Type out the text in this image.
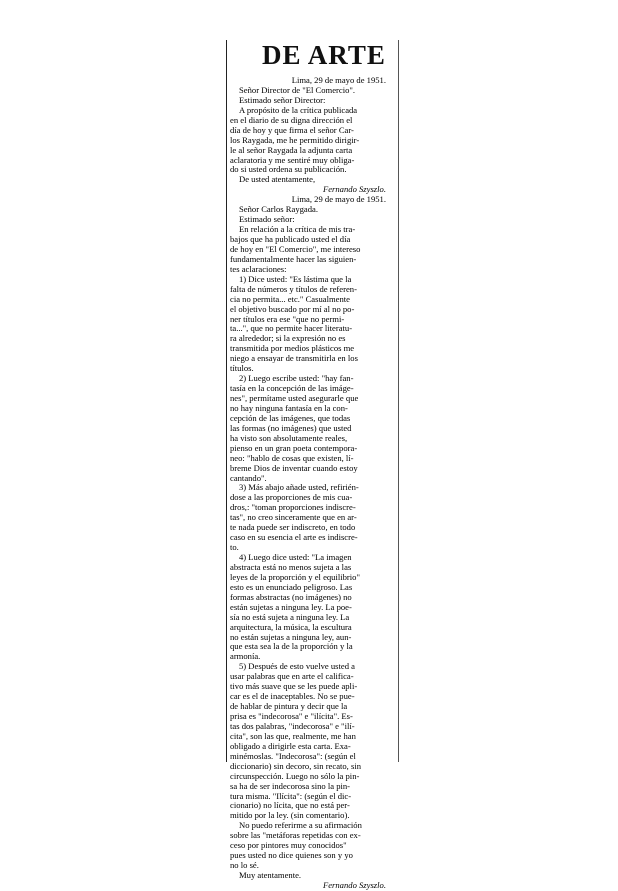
DE ARTE
Lima, 29 de mayo de 1951.
Señor Director de "El Comercio".
Estimado señor Director:
A propósito de la crítica publicada
en el diario de su digna dirección el
día de hoy y que firma el señor Car-
los Raygada, me he permitido dirigir-
le al señor Raygada la adjunta carta
aclaratoria y me sentiré muy obliga-
do si usted ordena su publicación.
De usted atentamente,
Fernando Szyszlo.
Lima, 29 de mayo de 1951.
Señor Carlos Raygada.
Estimado señor:
En relación a la crítica de mis tra-
bajos que ha publicado usted el día
de hoy en "El Comercio", me intereso
fundamentalmente hacer las siguien-
tes aclaraciones:
1) Dice usted: "Es lástima que la
falta de números y títulos de referen-
cia no permita... etc." Casualmente
el objetivo buscado por mí al no po-
ner títulos era ese "que no permi-
ta...", que no permite hacer literatu-
ra alrededor; si la expresión no es
transmitida por medios plásticos me
niego a ensayar de transmitirla en los
títulos.
2) Luego escribe usted: "hay fan-
tasía en la concepción de las imáge-
nes", permítame usted asegurarle que
no hay ninguna fantasía en la con-
cepción de las imágenes, que todas
las formas (no imágenes) que usted
ha visto son absolutamente reales,
pienso en un gran poeta contempora-
neo: "hablo de cosas que existen, lí-
breme Dios de inventar cuando estoy
cantando".
3) Más abajo añade usted, refirién-
dose a las proporciones de mis cua-
dros,: "toman proporciones indiscre-
tas", no creo sinceramente que en ar-
te nada puede ser indiscreto, en todo
caso en su esencia el arte es indiscre-
to.
4) Luego dice usted: "La imagen
abstracta está no menos sujeta a las
leyes de la proporción y el equilibrio"
esto es un enunciado peligroso. Las
formas abstractas (no imágenes) no
están sujetas a ninguna ley. La poe-
sía no está sujeta a ninguna ley. La
arquitectura, la música, la escultura
no están sujetas a ninguna ley, aun-
que esta sea la de la proporción y la
armonía.
5) Después de esto vuelve usted a
usar palabras que en arte el califica-
tivo más suave que se les puede apli-
car es el de inaceptables. No se pue-
de hablar de pintura y decir que la
prisa es "indecorosa" e "ilícita". Es-
tas dos palabras, "indecorosa" e "ilí-
cita", son las que, realmente, me han
obligado a dirigirle esta carta. Exa-
minémoslas. "Indecorosa": (según el
diccionario) sin decoro, sin recato, sin
circunspección. Luego no sólo la pin-
sa ha de ser indecorosa sino la pin-
tura misma. "Ilícita": (según el dic-
cionario) no lícita, que no está per-
mitido por la ley. (sin comentario).
No puedo referirme a su afirmación
sobre las "metáforas repetidas con ex-
ceso por pintores muy conocidos"
pues usted no dice quienes son y yo
no lo sé.
Muy atentamente.
Fernando Szyszlo.
